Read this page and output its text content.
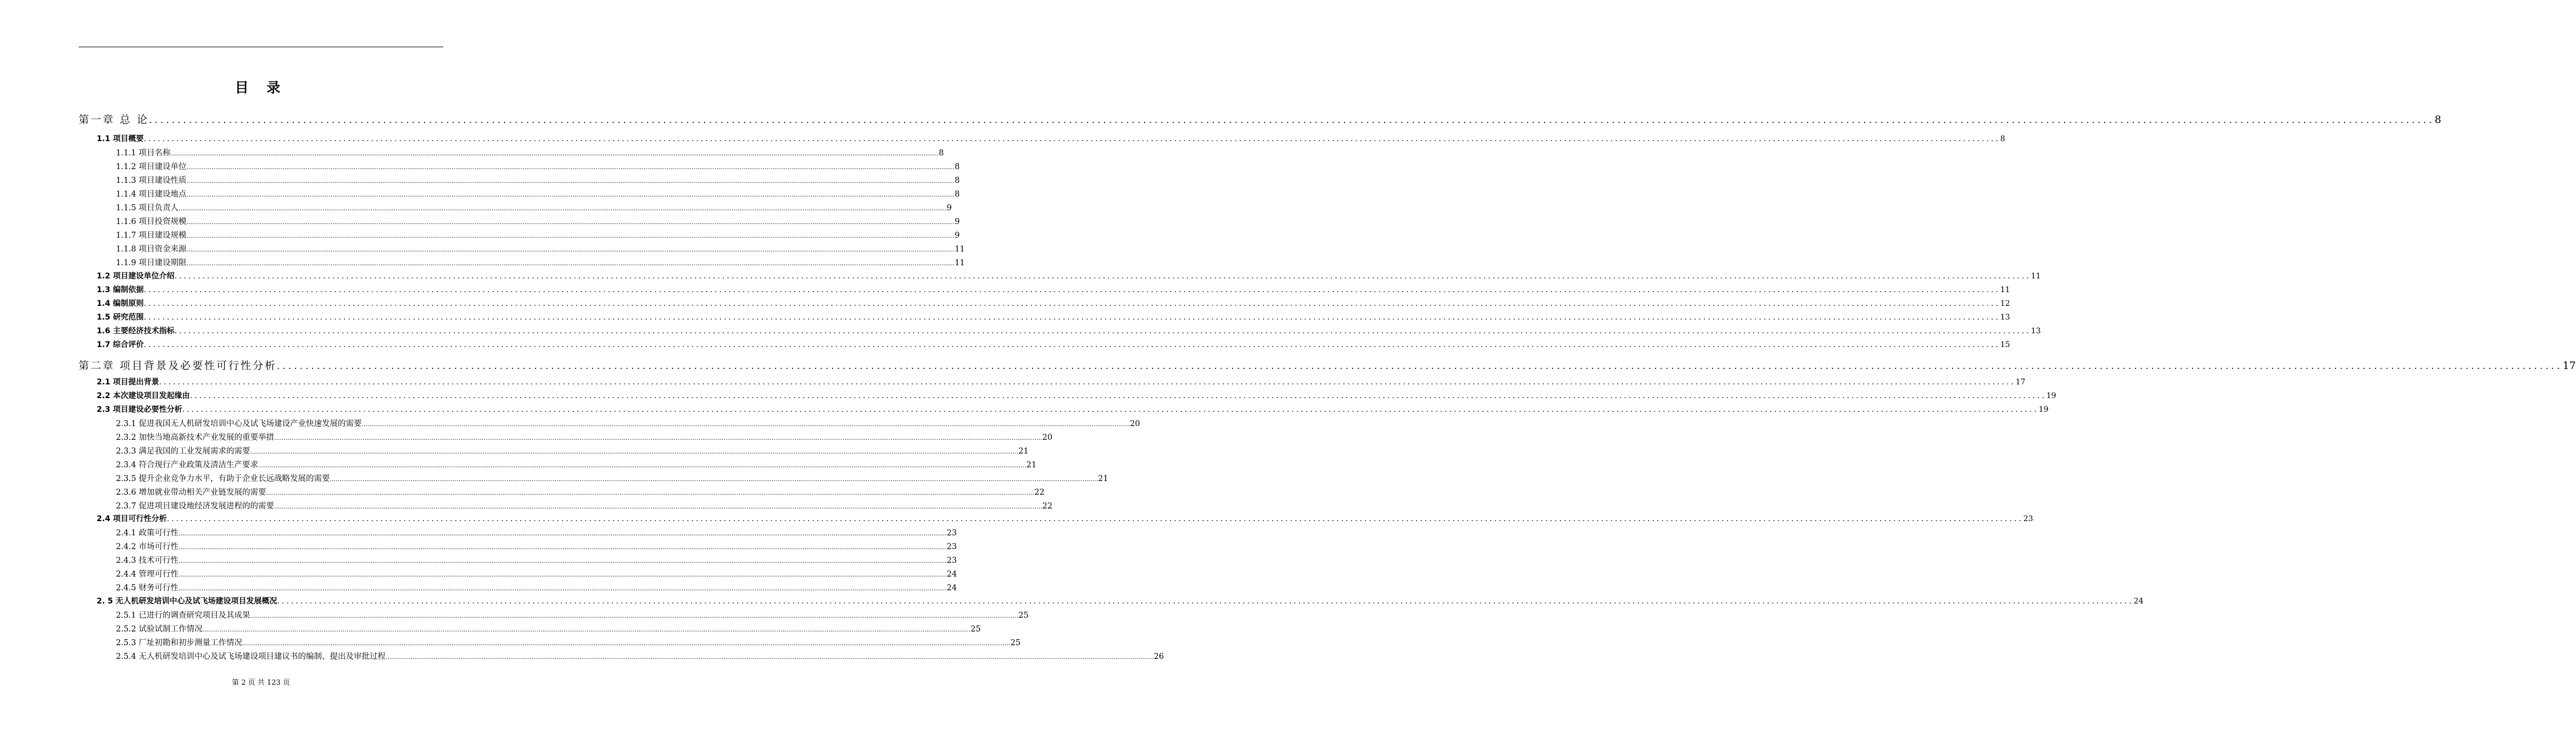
目 录
第一章 总 论 ................................................................................................................................................................................................................................................................................................................................................................................................................ 8
1.1 项目概要 ................................................................................................................................................................................................................................................................................................................................................................................................................ 8
1.1.1 项目名称 ................................................................................................................................................................................................................................................................................................................................................................................................................ 8
1.1.2 项目建设单位 ................................................................................................................................................................................................................................................................................................................................................................................................................ 8
1.1.3 项目建设性质 ................................................................................................................................................................................................................................................................................................................................................................................................................ 8
1.1.4 项目建设地点 ................................................................................................................................................................................................................................................................................................................................................................................................................ 8
1.1.5 项目负责人 ................................................................................................................................................................................................................................................................................................................................................................................................................ 9
1.1.6 项目投资规模 ................................................................................................................................................................................................................................................................................................................................................................................................................ 9
1.1.7 项目建设规模 ................................................................................................................................................................................................................................................................................................................................................................................................................ 9
1.1.8 项目资金来源 ................................................................................................................................................................................................................................................................................................................................................................................................................ 11
1.1.9 项目建设期限 ................................................................................................................................................................................................................................................................................................................................................................................................................ 11
1.2 项目建设单位介绍 ................................................................................................................................................................................................................................................................................................................................................................................................................ 11
1.3 编制依据 ................................................................................................................................................................................................................................................................................................................................................................................................................ 11
1.4 编制原则 ................................................................................................................................................................................................................................................................................................................................................................................................................ 12
1.5 研究范围 ................................................................................................................................................................................................................................................................................................................................................................................................................ 13
1.6 主要经济技术指标 ................................................................................................................................................................................................................................................................................................................................................................................................................ 13
1.7 综合评价 ................................................................................................................................................................................................................................................................................................................................................................................................................ 15
第二章 项目背景及必要性可行性分析 ................................................................................................................................................................................................................................................................................................................................................................................................................ 17
2.1 项目提出背景 ................................................................................................................................................................................................................................................................................................................................................................................................................ 17
2.2 本次建设项目发起缘由 ................................................................................................................................................................................................................................................................................................................................................................................................................ 19
2.3 项目建设必要性分析 ................................................................................................................................................................................................................................................................................................................................................................................................................ 19
2.3.1 促进我国无人机研发培训中心及试飞场建设产业快速发展的需要 ................................................................................................................................................................................................................................................................................................................................................................................................................ 20
2.3.2 加快当地高新技术产业发展的重要举措 ................................................................................................................................................................................................................................................................................................................................................................................................................ 20
2.3.3 满足我国的工业发展需求的需要 ................................................................................................................................................................................................................................................................................................................................................................................................................ 21
2.3.4 符合现行产业政策及清洁生产要求 ................................................................................................................................................................................................................................................................................................................................................................................................................ 21
2.3.5 提升企业竞争力水平，有助于企业长远战略发展的需要 ................................................................................................................................................................................................................................................................................................................................................................................................................ 21
2.3.6 增加就业带动相关产业链发展的需要 ................................................................................................................................................................................................................................................................................................................................................................................................................ 22
2.3.7 促进项目建设地经济发展进程的的需要 ................................................................................................................................................................................................................................................................................................................................................................................................................ 22
2.4 项目可行性分析 ................................................................................................................................................................................................................................................................................................................................................................................................................ 23
2.4.1 政策可行性 ................................................................................................................................................................................................................................................................................................................................................................................................................ 23
2.4.2 市场可行性 ................................................................................................................................................................................................................................................................................................................................................................................................................ 23
2.4.3 技术可行性 ................................................................................................................................................................................................................................................................................................................................................................................................................ 23
2.4.4 管理可行性 ................................................................................................................................................................................................................................................................................................................................................................................................................ 24
2.4.5 财务可行性 ................................................................................................................................................................................................................................................................................................................................................................................................................ 24
2. 5 无人机研发培训中心及试飞场建设项目发展概况 ................................................................................................................................................................................................................................................................................................................................................................................................................ 24
2.5.1 已进行的调查研究项目及其成果 ................................................................................................................................................................................................................................................................................................................................................................................................................ 25
2.5.2 试验试制工作情况 ................................................................................................................................................................................................................................................................................................................................................................................................................ 25
2.5.3 厂址初勘和初步测量工作情况 ................................................................................................................................................................................................................................................................................................................................................................................................................ 25
2.5.4 无人机研发培训中心及试飞场建设项目建议书的编制、提出及审批过程 ................................................................................................................................................................................................................................................................................................................................................................................................................ 26
第 2 页 共 123 页
